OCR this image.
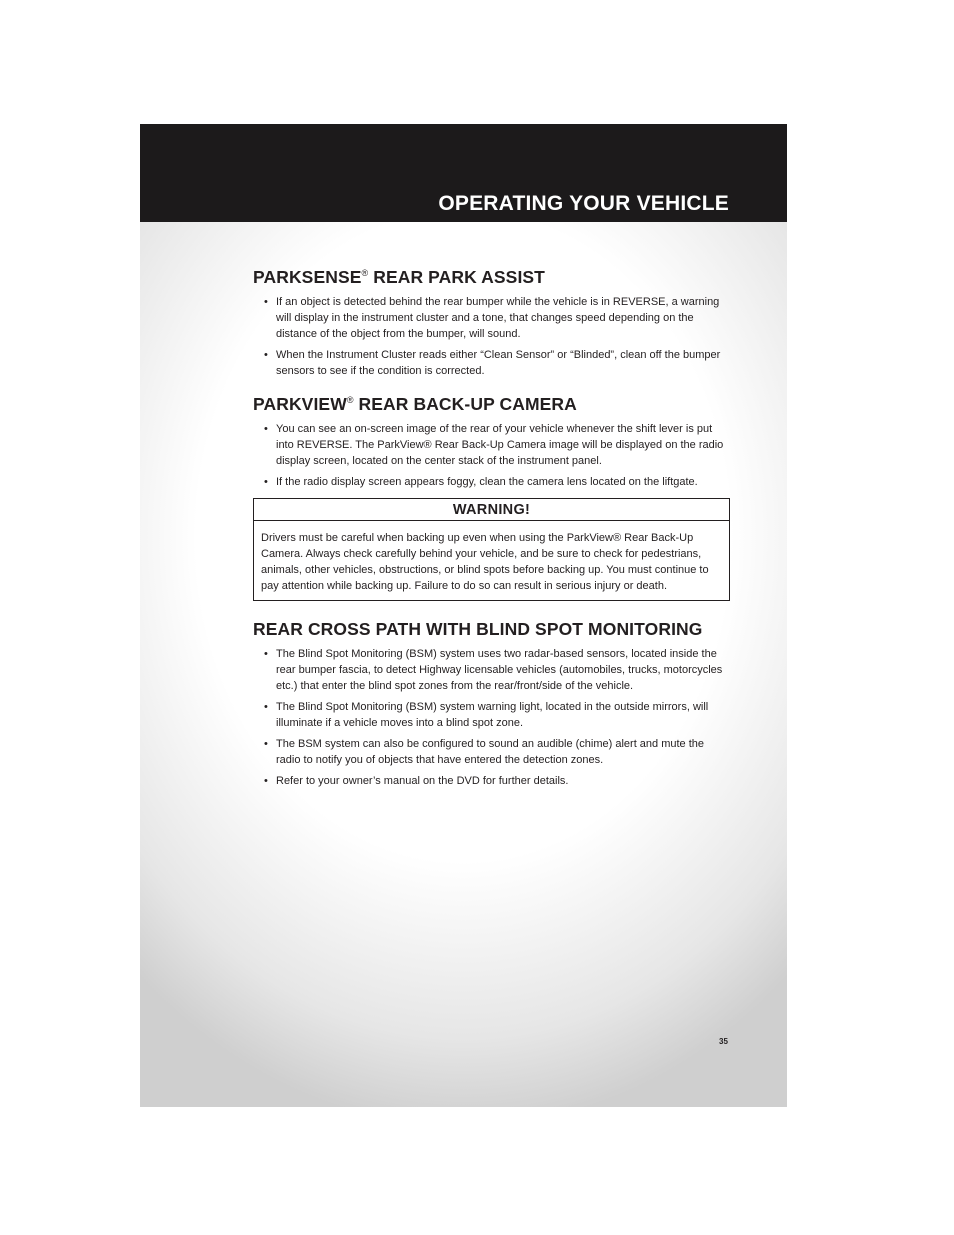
OPERATING YOUR VEHICLE
PARKSENSE® REAR PARK ASSIST
• If an object is detected behind the rear bumper while the vehicle is in REVERSE, a warning will display in the instrument cluster and a tone, that changes speed depending on the distance of the object from the bumper, will sound.
• When the Instrument Cluster reads either “Clean Sensor” or “Blinded”, clean off the bumper sensors to see if the condition is corrected.
PARKVIEW® REAR BACK-UP CAMERA
• You can see an on-screen image of the rear of your vehicle whenever the shift lever is put into REVERSE. The ParkView® Rear Back-Up Camera image will be displayed on the radio display screen, located on the center stack of the instrument panel.
• If the radio display screen appears foggy, clean the camera lens located on the liftgate.
WARNING!
Drivers must be careful when backing up even when using the ParkView® Rear Back-Up Camera. Always check carefully behind your vehicle, and be sure to check for pedestrians, animals, other vehicles, obstructions, or blind spots before backing up. You must continue to pay attention while backing up. Failure to do so can result in serious injury or death.
REAR CROSS PATH WITH BLIND SPOT MONITORING
• The Blind Spot Monitoring (BSM) system uses two radar-based sensors, located inside the rear bumper fascia, to detect Highway licensable vehicles (automobiles, trucks, motorcycles etc.) that enter the blind spot zones from the rear/front/side of the vehicle.
• The Blind Spot Monitoring (BSM) system warning light, located in the outside mirrors, will illuminate if a vehicle moves into a blind spot zone.
• The BSM system can also be configured to sound an audible (chime) alert and mute the radio to notify you of objects that have entered the detection zones.
• Refer to your owner’s manual on the DVD for further details.
35
